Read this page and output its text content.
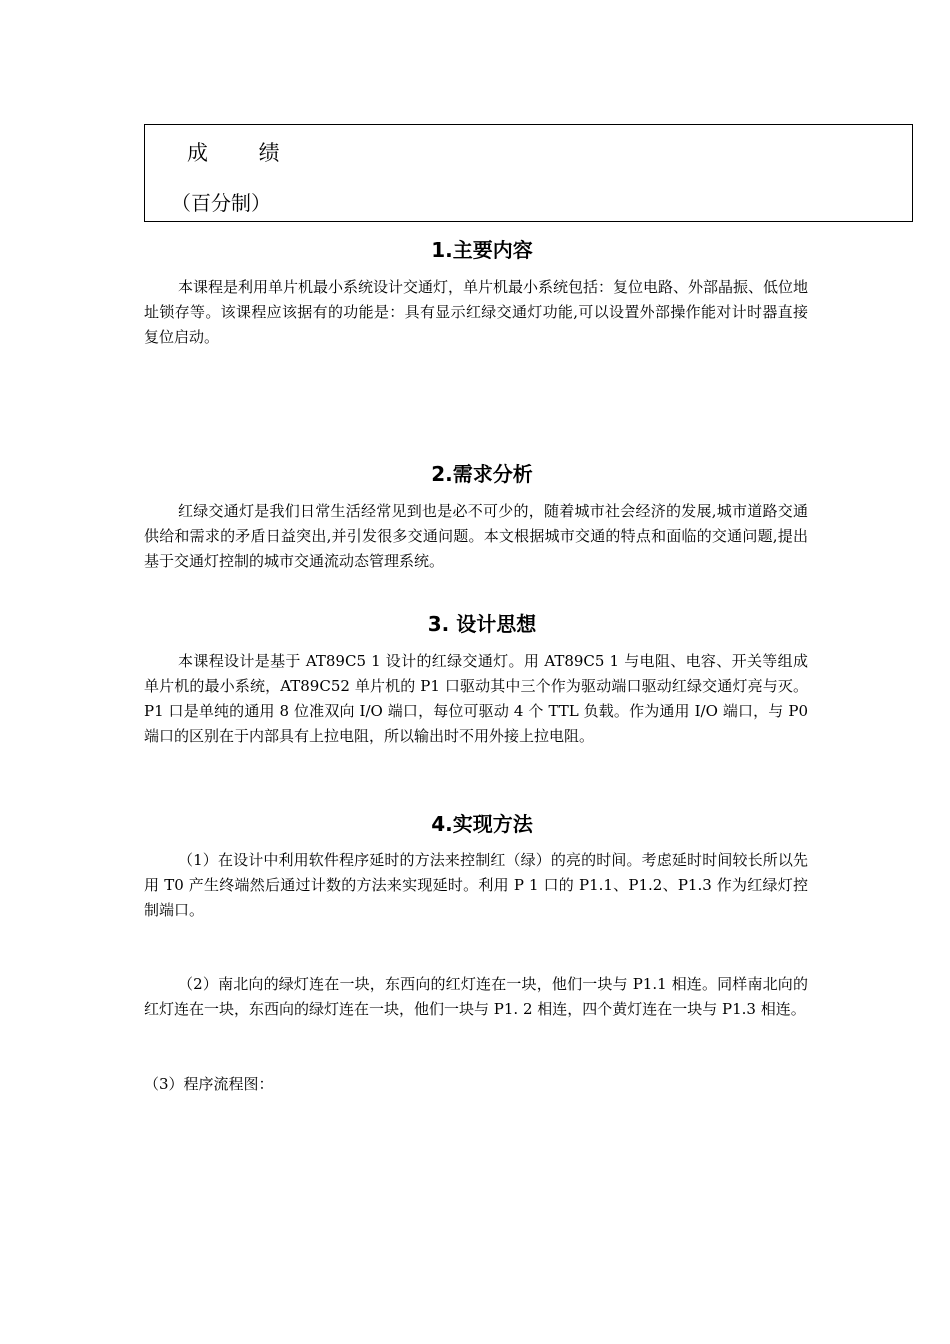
成 绩
（百分制）
1.主要内容

本课程是利用单片机最小系统设计交通灯，单片机最小系统包括：复位电路、外部晶振、低位地址锁存等。该课程应该据有的功能是：具有显示红绿交通灯功能,可以设置外部操作能对计时器直接复位启动。

2.需求分析

红绿交通灯是我们日常生活经常见到也是必不可少的，随着城市社会经济的发展,城市道路交通供给和需求的矛盾日益突出,并引发很多交通问题。本文根据城市交通的特点和面临的交通问题,提出基于交通灯控制的城市交通流动态管理系统。

3. 设计思想

本课程设计是基于 AT89C5 1 设计的红绿交通灯。用 AT89C5 1 与电阻、电容、开关等组成单片机的最小系统，AT89C52 单片机的 P1 口驱动其中三个作为驱动端口驱动红绿交通灯亮与灭。P1 口是单纯的通用 8 位准双向 I/O 端口，每位可驱动 4 个 TTL 负载。作为通用 I/O 端口，与 P0 端口的区别在于内部具有上拉电阻，所以输出时不用外接上拉电阻。

4.实现方法

（1）在设计中利用软件程序延时的方法来控制红（绿）的亮的时间。考虑延时时间较长所以先用 T0 产生终端然后通过计数的方法来实现延时。利用 P 1 口的 P1.1、P1.2、P1.3 作为红绿灯控制端口。

（2）南北向的绿灯连在一块，东西向的红灯连在一块，他们一块与 P1.1 相连。同样南北向的红灯连在一块，东西向的绿灯连在一块，他们一块与 P1. 2 相连，四个黄灯连在一块与 P1.3 相连。

（3）程序流程图：
